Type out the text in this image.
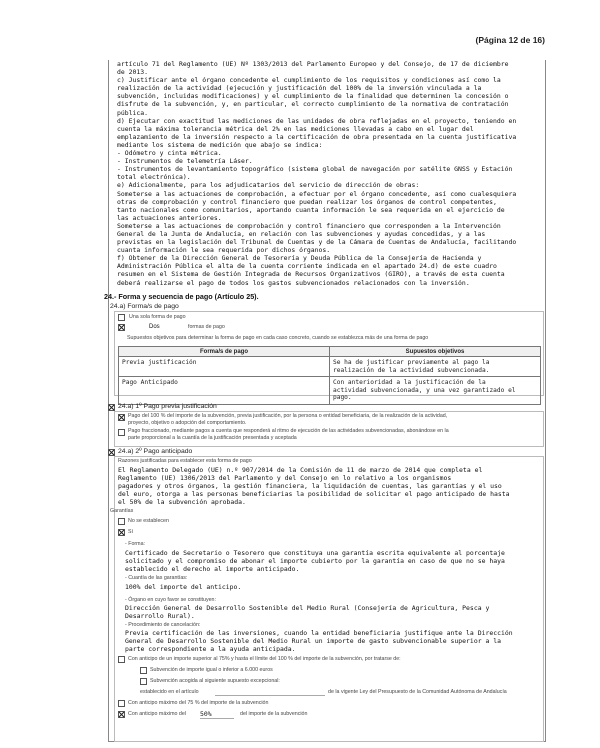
(Página 12 de 16)
artículo 71 del Reglamento (UE) Nº 1303/2013 del Parlamento Europeo y del Consejo, de 17 de diciembre
de 2013.
c) Justificar ante el órgano concedente el cumplimiento de los requisitos y condiciones así como la
realización de la actividad (ejecución y justificación del 100% de la inversión vinculada a la
subvención, incluidas modificaciones) y el cumplimiento de la finalidad que determinen la concesión o
disfrute de la subvención, y, en particular, el correcto cumplimiento de la normativa de contratación
pública.
d) Ejecutar con exactitud las mediciones de las unidades de obra reflejadas en el proyecto, teniendo en
cuenta la máxima tolerancia métrica del 2% en las mediciones llevadas a cabo en el lugar del
emplazamiento de la inversión respecto a la certificación de obra presentada en la cuenta justificativa
mediante los sistema de medición que abajo se indica:
- Odómetro y cinta métrica.
- Instrumentos de telemetría Láser.
- Instrumentos de levantamiento topográfico (sistema global de navegación por satélite GNSS y Estación
total electrónica).
e) Adicionalmente, para los adjudicatarios del servicio de dirección de obras:
Someterse a las actuaciones de comprobación, a efectuar por el órgano concedente, así como cualesquiera
otras de comprobación y control financiero que puedan realizar los órganos de control competentes,
tanto nacionales como comunitarios, aportando cuanta información le sea requerida en el ejercicio de
las actuaciones anteriores.
Someterse a las actuaciones de comprobación y control financiero que corresponden a la Intervención
General de la Junta de Andalucía, en relación con las subvenciones y ayudas concedidas, y a las
previstas en la legislación del Tribunal de Cuentas y de la Cámara de Cuentas de Andalucía, facilitando
cuanta información le sea requerida por dichos órganos.
f) Obtener de la Dirección General de Tesorería y Deuda Pública de la Consejería de Hacienda y
Administración Pública el alta de la cuenta corriente indicada en el apartado 24.d) de este cuadro
resumen en el Sistema de Gestión Integrada de Recursos Organizativos (GIRO), a través de esta cuenta
deberá realizarse el pago de todos los gastos subvencionados relacionados con la inversión.
24.- Forma y secuencia de pago (Artículo 25).
24.a) Forma/s de pago
Una sola forma de pago
Dos	formas de pago
Supuestos objetivos para determinar la forma de pago en cada caso concreto, cuando se establezca más de una forma de pago
Forma/s de pago	Supuestos objetivos
Previa justificación	Se ha de justificar previamente al pago la
realización de la actividad subvencionada.

Pago Anticipado	Con anterioridad a la justificación de la
actividad subvencionada, y una vez garantizado el
pago.
24.a) 1º Pago previa justificación
Pago del 100 % del importe de la subvención, previa justificación, por la persona o entidad beneficiaria, de la realización de la actividad,
proyecto, objetivo o adopción del comportamiento.
Pago fraccionado, mediante pagos a cuenta que responderá al ritmo de ejecución de las actividades subvencionadas, abonándose en la
parte proporcional a la cuantía de la justificación presentada y aceptada
24.a) 2º Pago anticipado
Razones justificadas para establecer esta forma de pago
El Reglamento Delegado (UE) n.º 907/2014 de la Comisión de 11 de marzo de 2014 que completa el
Reglamento (UE) 1306/2013 del Parlamento y del Consejo en lo relativo a los organismos
pagadores y otros órganos, la gestión financiera, la liquidación de cuentas, las garantías y el uso
del euro, otorga a las personas beneficiarias la posibilidad de solicitar el pago anticipado de hasta
el 50% de la subvención aprobada.
Garantías
No se establecen
Sí
- Forma:
Certificado de Secretario o Tesorero que constituya una garantía escrita equivalente al porcentaje
solicitado y el compromiso de abonar el importe cubierto por la garantía en caso de que no se haya
establecido el derecho al importe anticipado.
- Cuantía de las garantías:
100% del importe del anticipo.
- Órgano en cuyo favor se constituyen:
Dirección General de Desarrollo Sostenible del Medio Rural (Consejería de Agricultura, Pesca y
Desarrollo Rural).
- Procedimiento de cancelación:
Previa certificación de las inversiones, cuando la entidad beneficiaria justifique ante la Dirección
General de Desarrollo Sostenible del Medio Rural un importe de gasto subvencionable superior a la
parte correspondiente a la ayuda anticipada.
Con anticipo de un importe superior al 75% y hasta el límite del 100 % del importe de la subvención, por tratarse de:
Subvención de importe igual o inferior a 6.000 euros
Subvención acogida al siguiente supuesto excepcional:
establecido en el artículo	de la vigente Ley del Presupuesto de la Comunidad Autónoma de Andalucía
Con anticipo máximo del 75 % del importe de la subvención
Con anticipo máximo del 50%	del importe de la subvención
